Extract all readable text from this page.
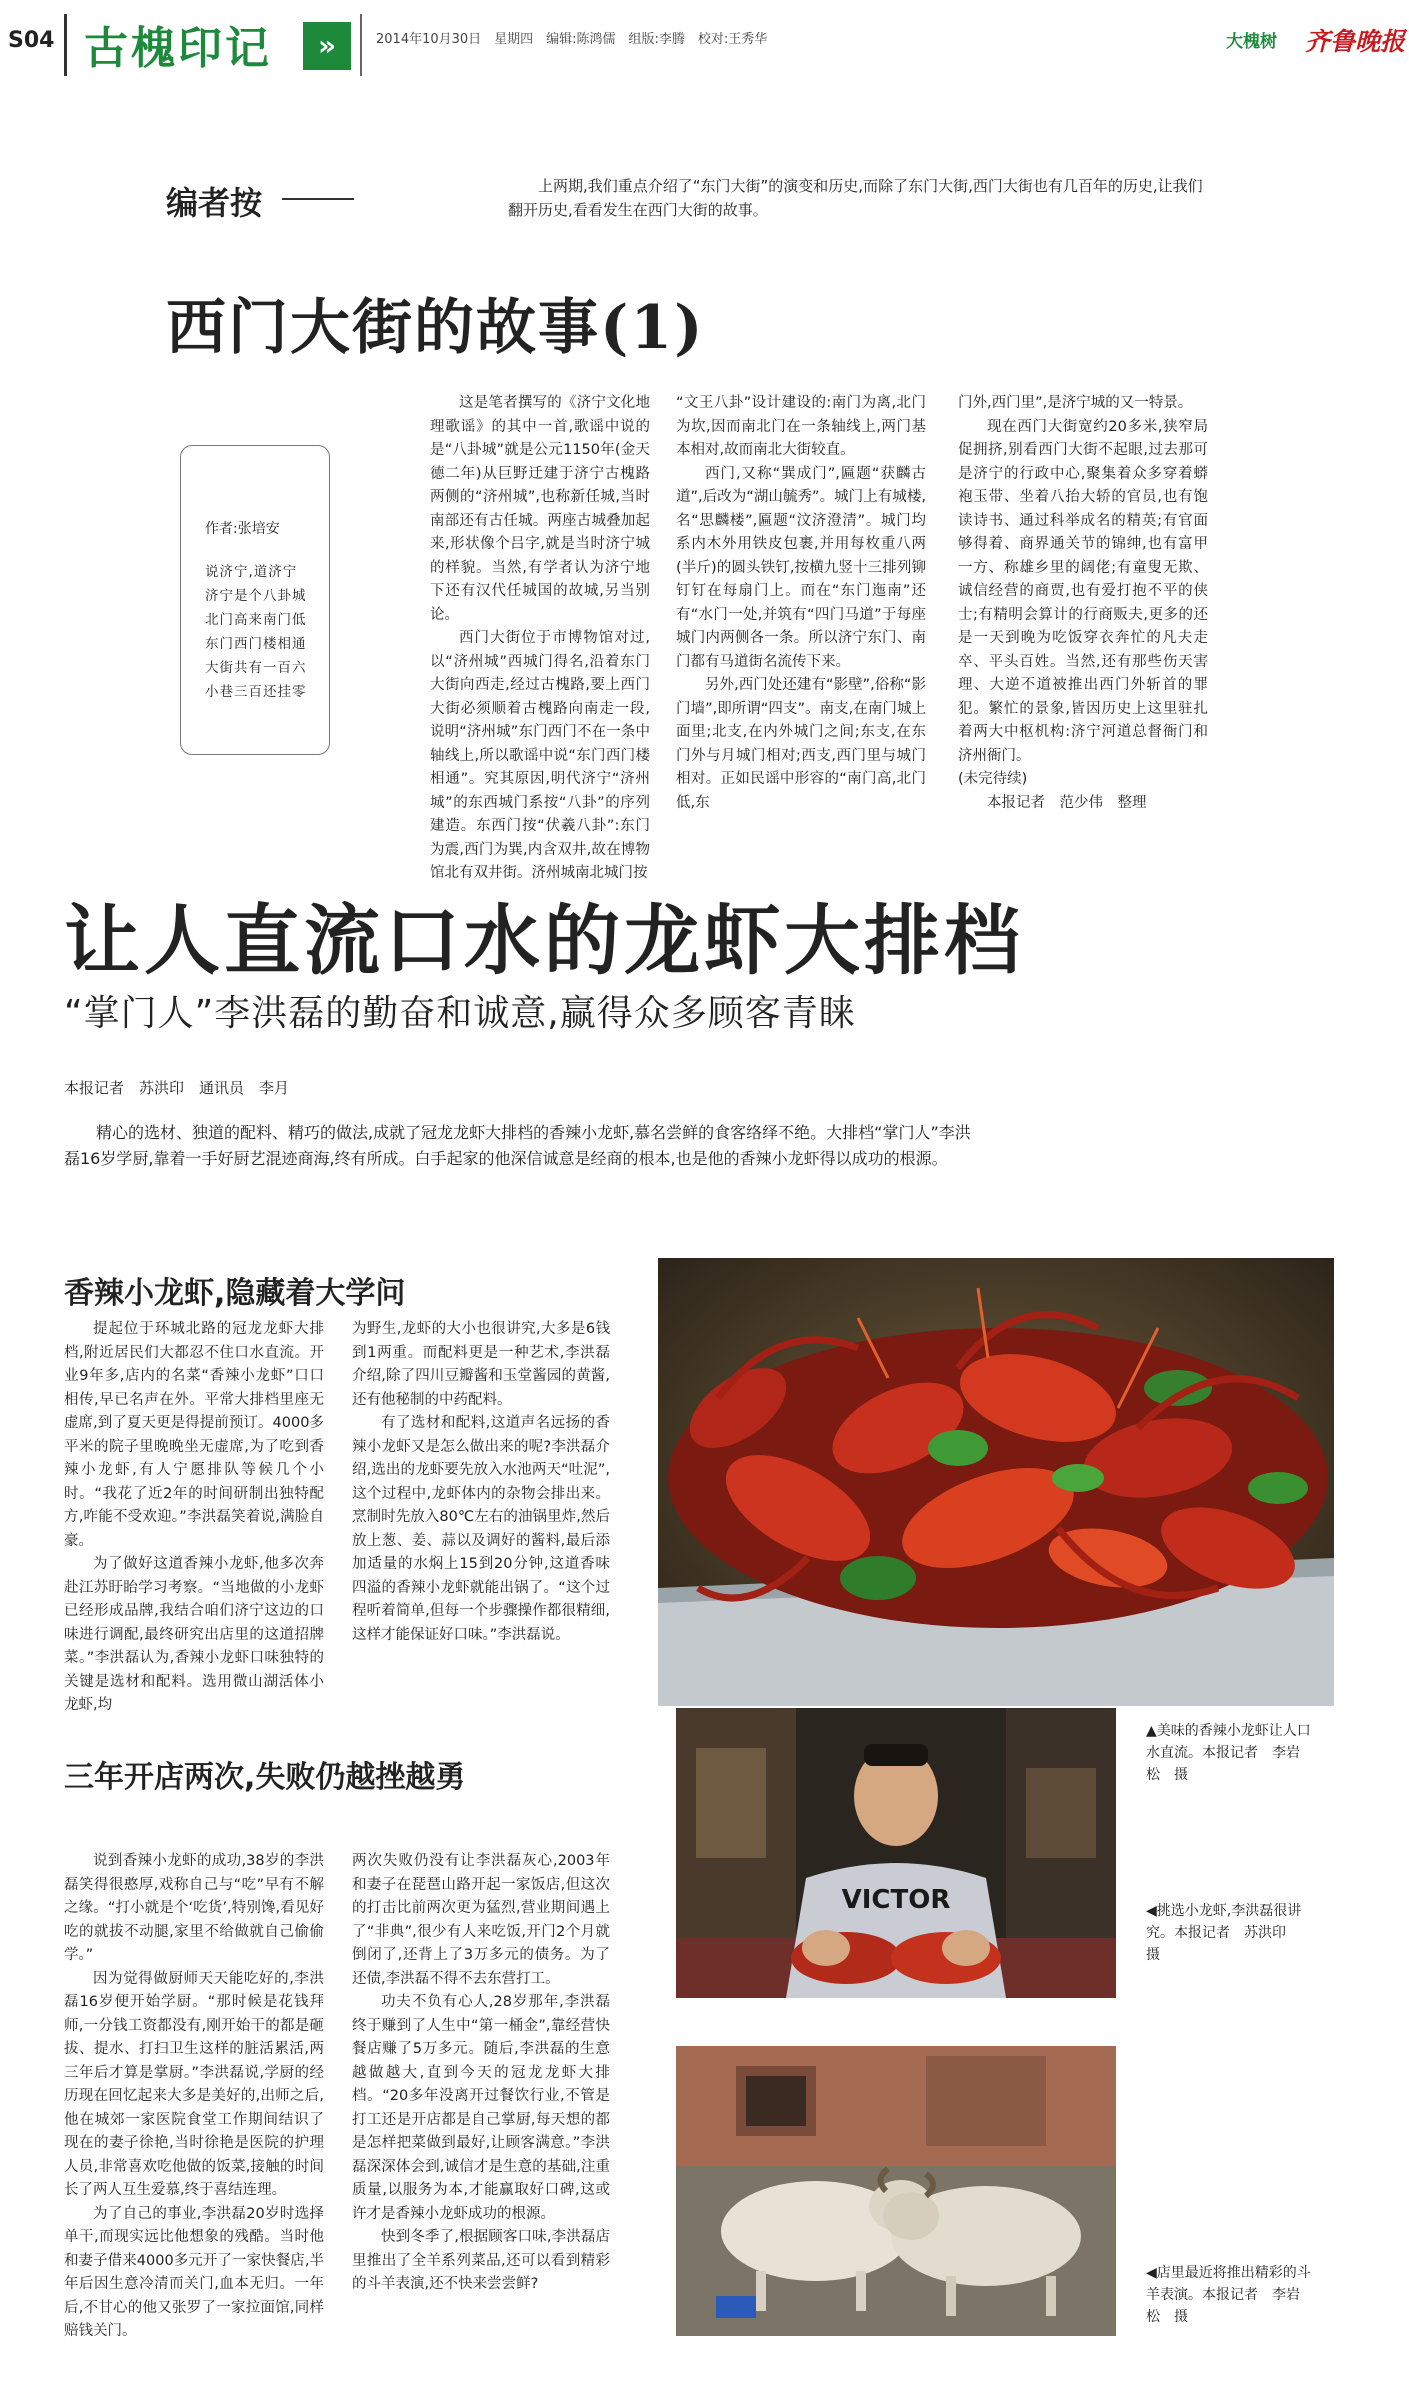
S04 古槐印记	»	2014年10月30日　星期四　编辑:陈鸿儒　组版:李腾　校对:王秀华	大槐树 齐鲁晚报
编者按	上两期,我们重点介绍了“东门大街”的演变和历史,而除了东门大街,西门大街也有几百年的历史,让我们翻开历史,看看发生在西门大街的故事。
西门大街的故事(1)
作者:张培安
说济宁,道济宁济宁是个八卦城北门高来南门低东门西门楼相通大街共有一百六小巷三百还挂零

这是笔者撰写的《济宁文化地理歌谣》的其中一首,歌谣中说的是“八卦城”就是公元1150年(金天德二年)从巨野迁建于济宁古槐路两侧的“济州城”,也称新任城,当时南部还有古任城。两座古城叠加起来,形状像个吕字,就是当时济宁城的样貌。当然,有学者认为济宁地下还有汉代任城国的故城,另当别论。

西门大街位于市博物馆对过,以“济州城”西城门得名,沿着东门大街向西走,经过古槐路,要上西门大街必须顺着古槐路向南走一段,说明“济州城”东门西门不在一条中轴线上,所以歌谣中说“东门西门楼相通”。究其原因,明代济宁“济州城”的东西城门系按“八卦”的序列建造。东西门按“伏羲八卦”:东门为震,西门为巽,内含双井,故在博物馆北有双井街。济州城南北城门按

“文王八卦”设计建设的:南门为离,北门为坎,因而南北门在一条轴线上,两门基本相对,故而南北大街较直。

西门,又称“巽成门”,匾题“获麟古道”,后改为“湖山毓秀”。城门上有城楼,名“思麟楼”,匾题“汶济澄清”。城门均系内木外用铁皮包裹,并用每枚重八两(半斤)的圆头铁钉,按横九竖十三排列铆钉钉在每扇门上。而在“东门迤南”还有“水门一处,并筑有“四门马道”于每座城门内两侧各一条。所以济宁东门、南门都有马道街名流传下来。

另外,西门处还建有“影壁”,俗称“影门墙”,即所谓“四支”。南支,在南门城上面里;北支,在内外城门之间;东支,在东门外与月城门相对;西支,西门里与城门相对。正如民谣中形容的“南门高,北门低,东

门外,西门里”,是济宁城的又一特景。

现在西门大街宽约20多米,狭窄局促拥挤,别看西门大街不起眼,过去那可是济宁的行政中心,聚集着众多穿着蟒袍玉带、坐着八抬大轿的官员,也有饱读诗书、通过科举成名的精英;有官面够得着、商界通关节的锦绅,也有富甲一方、称雄乡里的阔佬;有童叟无欺、诚信经营的商贾,也有爱打抱不平的侠士;有精明会算计的行商贩夫,更多的还是一天到晚为吃饭穿衣奔忙的凡夫走卒、平头百姓。当然,还有那些伤天害理、大逆不道被推出西门外斩首的罪犯。繁忙的景象,皆因历史上这里驻扎着两大中枢机构:济宁河道总督衙门和济州衙门。

(未完待续)

本报记者　范少伟　整理

让人直流口水的龙虾大排档
“掌门人”李洪磊的勤奋和诚意,赢得众多顾客青睐
本报记者　苏洪印　通讯员　李月
精心的选材、独道的配料、精巧的做法,成就了冠龙龙虾大排档的香辣小龙虾,慕名尝鲜的食客络绎不绝。大排档“掌门人”李洪磊16岁学厨,靠着一手好厨艺混迹商海,终有所成。白手起家的他深信诚意是经商的根本,也是他的香辣小龙虾得以成功的根源。
香辣小龙虾,隐藏着大学问

提起位于环城北路的冠龙龙虾大排档,附近居民们大都忍不住口水直流。开业9年多,店内的名菜“香辣小龙虾”口口相传,早已名声在外。平常大排档里座无虚席,到了夏天更是得提前预订。4000多平米的院子里晚晚坐无虚席,为了吃到香辣小龙虾,有人宁愿排队等候几个小时。“我花了近2年的时间研制出独特配方,咋能不受欢迎。”李洪磊笑着说,满脸自豪。

为了做好这道香辣小龙虾,他多次奔赴江苏盱眙学习考察。“当地做的小龙虾已经形成品牌,我结合咱们济宁这边的口味进行调配,最终研究出店里的这道招牌菜。”李洪磊认为,香辣小龙虾口味独特的关键是选材和配料。选用微山湖活体小龙虾,均

为野生,龙虾的大小也很讲究,大多是6钱到1两重。而配料更是一种艺术,李洪磊介绍,除了四川豆瓣酱和玉堂酱园的黄酱,还有他秘制的中药配料。

有了选材和配料,这道声名远扬的香辣小龙虾又是怎么做出来的呢?李洪磊介绍,选出的龙虾要先放入水池两天“吐泥”,这个过程中,龙虾体内的杂物会排出来。烹制时先放入80℃左右的油锅里炸,然后放上葱、姜、蒜以及调好的酱料,最后添加适量的水焖上15到20分钟,这道香味四溢的香辣小龙虾就能出锅了。“这个过程听着简单,但每一个步骤操作都很精细,这样才能保证好口味。”李洪磊说。

三年开店两次,失败仍越挫越勇

说到香辣小龙虾的成功,38岁的李洪磊笑得很憨厚,戏称自己与“吃”早有不解之缘。“打小就是个‘吃货’,特别馋,看见好吃的就拔不动腿,家里不给做就自己偷偷学。”

因为觉得做厨师天天能吃好的,李洪磊16岁便开始学厨。“那时候是花钱拜师,一分钱工资都没有,刚开始干的都是砸拔、提水、打扫卫生这样的脏活累活,两三年后才算是掌厨。”李洪磊说,学厨的经历现在回忆起来大多是美好的,出师之后,他在城郊一家医院食堂工作期间结识了现在的妻子徐艳,当时徐艳是医院的护理人员,非常喜欢吃他做的饭菜,接触的时间长了两人互生爱慕,终于喜结连理。

为了自己的事业,李洪磊20岁时选择单干,而现实远比他想象的残酷。当时他和妻子借来4000多元开了一家快餐店,半年后因生意冷清而关门,血本无归。一年后,不甘心的他又张罗了一家拉面馆,同样赔钱关门。

两次失败仍没有让李洪磊灰心,2003年和妻子在琵琶山路开起一家饭店,但这次的打击比前两次更为猛烈,营业期间遇上了“非典”,很少有人来吃饭,开门2个月就倒闭了,还背上了3万多元的债务。为了还债,李洪磊不得不去东营打工。

功夫不负有心人,28岁那年,李洪磊终于赚到了人生中“第一桶金”,靠经营快餐店赚了5万多元。随后,李洪磊的生意越做越大,直到今天的冠龙龙虾大排档。“20多年没离开过餐饮行业,不管是打工还是开店都是自己掌厨,每天想的都是怎样把菜做到最好,让顾客满意。”李洪磊深深体会到,诚信才是生意的基础,注重质量,以服务为本,才能赢取好口碑,这或许才是香辣小龙虾成功的根源。

快到冬季了,根据顾客口味,李洪磊店里推出了全羊系列菜品,还可以看到精彩的斗羊表演,还不快来尝尝鲜?

VICTOR
▲美味的香辣小龙虾让人口水直流。本报记者　李岩松　摄
◀挑选小龙虾,李洪磊很讲究。本报记者　苏洪印　摄
◀店里最近将推出精彩的斗羊表演。本报记者　李岩松　摄
